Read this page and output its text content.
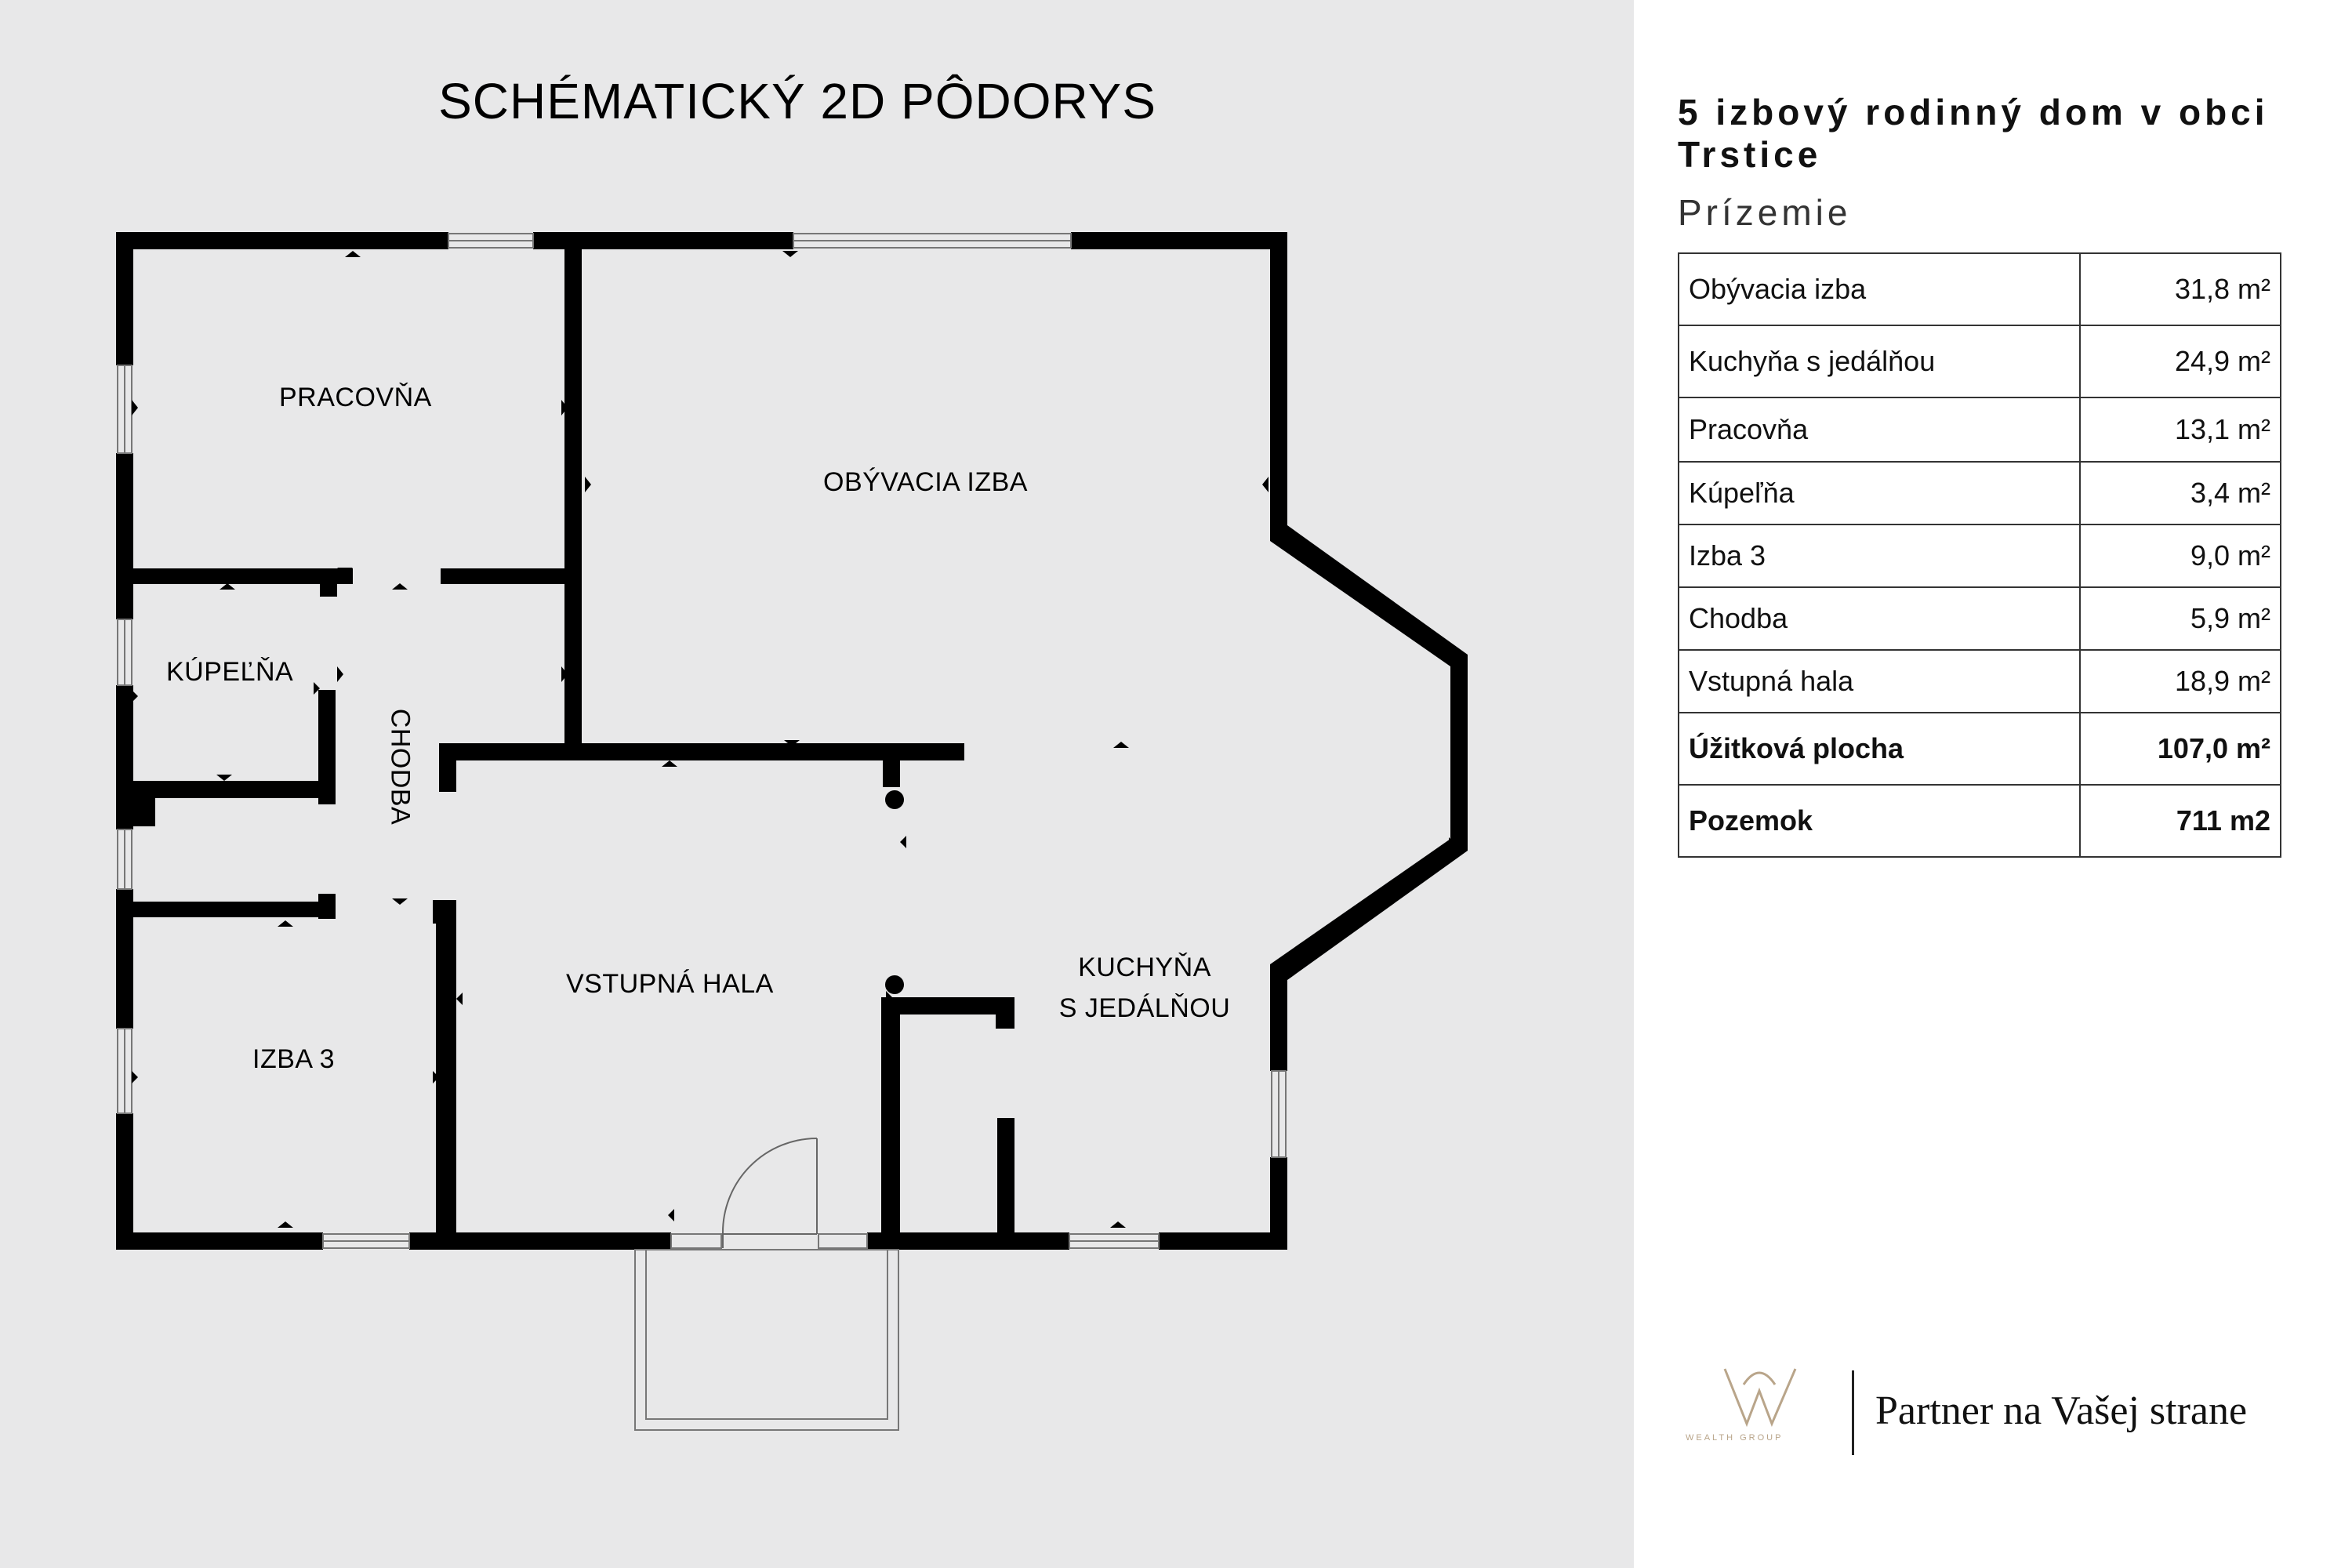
SCHÉMATICKÝ 2D PÔDORYS
PRACOVŇA
OBÝVACIA IZBA
KÚPEĽŇA
CHODBA
VSTUPNÁ HALA
KUCHYŇA
S JEDÁLŇOU
IZBA 3
5 izbový rodinný dom v obci Trstice
Prízemie
Obývacia izba	31,8 m²
Kuchyňa s jedálňou	24,9 m²
Pracovňa	13,1 m²
Kúpeľňa	3,4 m²
Izba 3	9,0 m²
Chodba	5,9 m²
Vstupná hala	18,9 m²
Úžitková plocha	107,0 m²
Pozemok	711 m2
WEALTH GROUP
Partner na Vašej strane
